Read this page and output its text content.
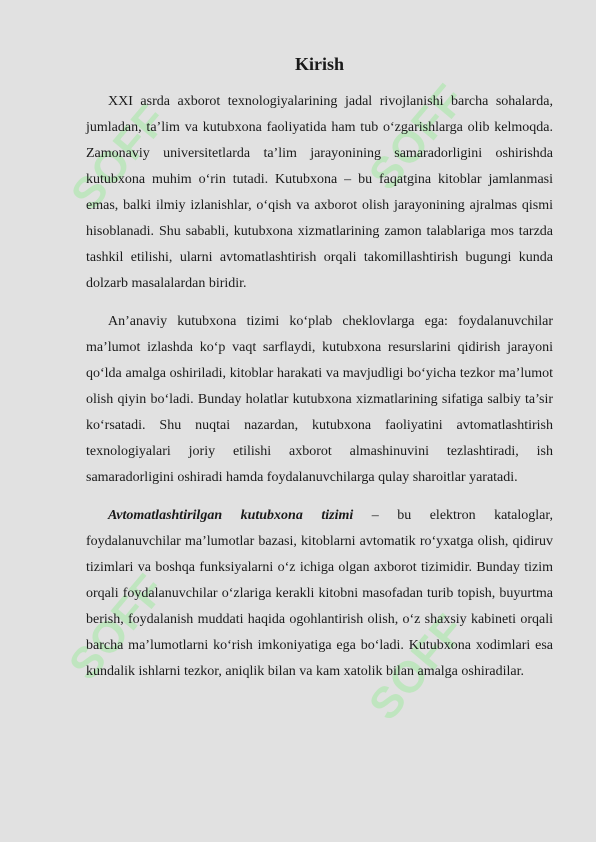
SOFF	SOFF
SOFF	SOFF
Kirish

XXI asrda axborot texnologiyalarining jadal rivojlanishi barcha sohalarda, jumladan, ta’lim va kutubxona faoliyatida ham tub o‘zgarishlarga olib kelmoqda. Zamonaviy universitetlarda ta’lim jarayonining samaradorligini oshirishda kutubxona muhim o‘rin tutadi. Kutubxona – bu faqatgina kitoblar jamlanmasi emas, balki ilmiy izlanishlar, o‘qish va axborot olish jarayonining ajralmas qismi hisoblanadi. Shu sababli, kutubxona xizmatlarining zamon talablariga mos tarzda tashkil etilishi, ularni avtomatlashtirish orqali takomillashtirish bugungi kunda dolzarb masalalardan biridir.

An’anaviy kutubxona tizimi ko‘plab cheklovlarga ega: foydalanuvchilar ma’lumot izlashda ko‘p vaqt sarflaydi, kutubxona resurslarini qidirish jarayoni qo‘lda amalga oshiriladi, kitoblar harakati va mavjudligi bo‘yicha tezkor ma’lumot olish qiyin bo‘ladi. Bunday holatlar kutubxona xizmatlarining sifatiga salbiy ta’sir ko‘rsatadi. Shu nuqtai nazardan, kutubxona faoliyatini avtomatlashtirish texnologiyalari joriy etilishi axborot almashinuvini tezlashtiradi, ish samaradorligini oshiradi hamda foydalanuvchilarga qulay sharoitlar yaratadi.

Avtomatlashtirilgan kutubxona tizimi – bu elektron kataloglar, foydalanuvchilar ma’lumotlar bazasi, kitoblarni avtomatik ro‘yxatga olish, qidiruv tizimlari va boshqa funksiyalarni o‘z ichiga olgan axborot tizimidir. Bunday tizim orqali foydalanuvchilar o‘zlariga kerakli kitobni masofadan turib topish, buyurtma berish, foydalanish muddati haqida ogohlantirish olish, o‘z shaxsiy kabineti orqali barcha ma’lumotlarni ko‘rish imkoniyatiga ega bo‘ladi. Kutubxona xodimlari esa kundalik ishlarni tezkor, aniqlik bilan va kam xatolik bilan amalga oshiradilar.
